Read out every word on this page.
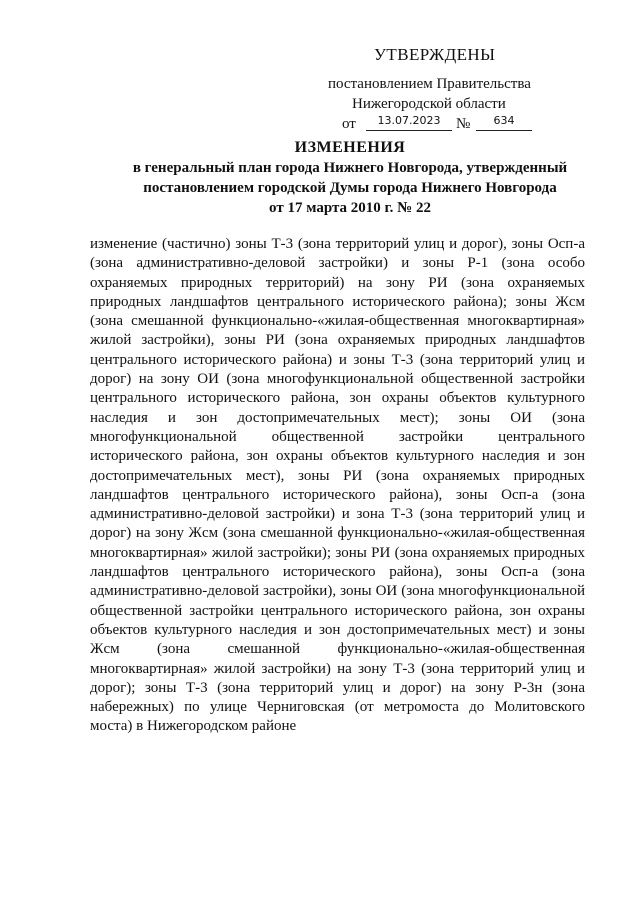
УТВЕРЖДЕНЫ
постановлением Правительства
Нижегородской области
от	13.07.2023	№	634
ИЗМЕНЕНИЯ
в генеральный план города Нижнего Новгорода, утвержденный
постановлением городской Думы города Нижнего Новгорода
от 17 марта 2010 г. № 22
изменение (частично) зоны Т-3 (зона территорий улиц и дорог), зоны Осп-а (зона административно-деловой застройки) и зоны Р-1 (зона особо охраняемых природных территорий) на зону РИ (зона охраняемых природных ландшафтов центрального исторического района); зоны Жсм (зона смешанной функционально-«жилая-общественная многоквартирная» жилой застройки), зоны РИ (зона охраняемых природных ландшафтов центрального исторического района) и зоны Т-3 (зона территорий улиц и дорог) на зону ОИ (зона многофункциональной общественной застройки центрального исторического района, зон охраны объектов культурного наследия и зон достопримечательных мест); зоны ОИ (зона многофункциональной общественной застройки центрального исторического района, зон охраны объектов культурного наследия и зон достопримечательных мест), зоны РИ (зона охраняемых природных ландшафтов центрального исторического района), зоны Осп-а (зона административно-деловой застройки) и зона Т-3 (зона территорий улиц и дорог) на зону Жсм (зона смешанной функционально-«жилая-общественная многоквартирная» жилой застройки); зоны РИ (зона охраняемых природных ландшафтов центрального исторического района), зоны Осп-а (зона административно-деловой застройки), зоны ОИ (зона многофункциональной общественной застройки центрального исторического района, зон охраны объектов культурного наследия и зон достопримечательных мест) и зоны Жсм (зона смешанной функционально-«жилая-общественная многоквартирная» жилой застройки) на зону Т-3 (зона территорий улиц и дорог); зоны Т-3 (зона территорий улиц и дорог) на зону Р-3н (зона набережных) по улице Черниговская (от метромоста до Молитовского моста) в Нижегородском районе
